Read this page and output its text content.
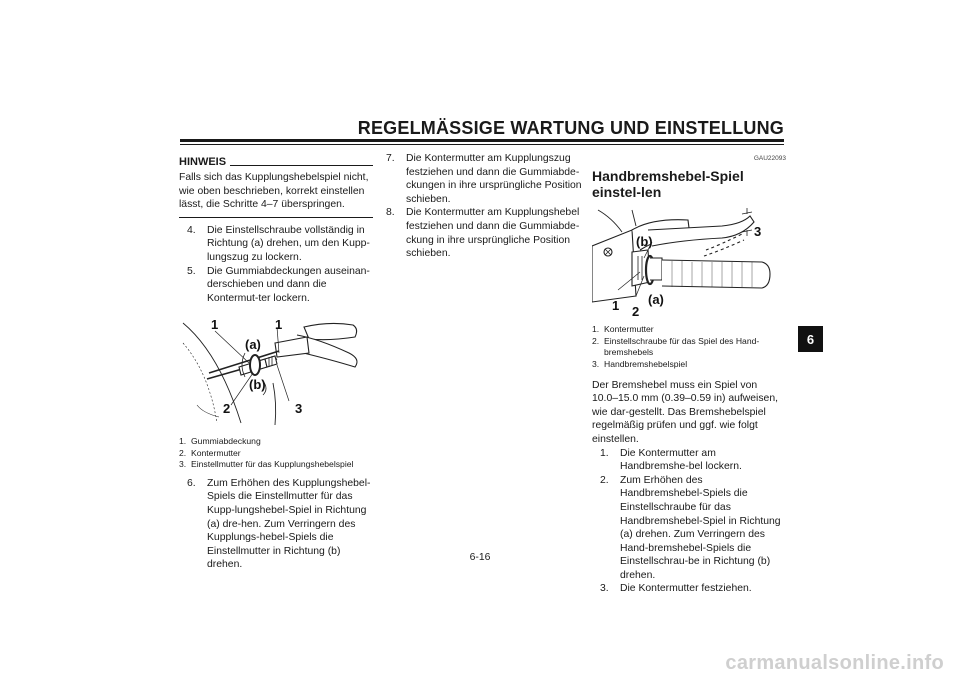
REGELMÄSSIGE WARTUNG UND EINSTELLUNG
HINWEIS
Falls sich das Kupplungshebelspiel nicht, wie oben beschrieben, korrekt einstellen lässt, die Schritte 4–7 überspringen.
4.	Die Einstellschraube vollständig in Richtung (a) drehen, um den Kupp-lungszug zu lockern.
5.	Die Gummiabdeckungen auseinan-derschieben und dann die Kontermut-ter lockern.
1	1
(a)
(b)
2	3
1. Gummiabdeckung
2. Kontermutter
3. Einstellmutter für das Kupplungshebelspiel
6.	Zum Erhöhen des Kupplungshebel-Spiels die Einstellmutter für das Kupp-lungshebel-Spiel in Richtung (a) dre-hen. Zum Verringern des Kupplungs-hebel-Spiels die Einstellmutter in Richtung (b) drehen.
7.	Die Kontermutter am Kupplungszug festziehen und dann die Gummiabde-ckungen in ihre ursprüngliche Position schieben.
8.	Die Kontermutter am Kupplungshebel festziehen und dann die Gummiabde-ckung in ihre ursprüngliche Position schieben.
GAU22093
Handbremshebel-Spiel einstel-len
(b)
3
(a)
1 2
1. Kontermutter
2. Einstellschraube für das Spiel des Hand-bremshebels
3. Handbremshebelspiel
Der Bremshebel muss ein Spiel von 10.0–15.0 mm (0.39–0.59 in) aufweisen, wie dar-gestellt. Das Bremshebelspiel regelmäßig prüfen und ggf. wie folgt einstellen.
1.	Die Kontermutter am Handbremshe-bel lockern.
2.	Zum Erhöhen des Handbremshebel-Spiels die Einstellschraube für das Handbremshebel-Spiel in Richtung (a) drehen. Zum Verringern des Hand-bremshebel-Spiels die Einstellschrau-be in Richtung (b) drehen.
3.	Die Kontermutter festziehen.
6
6-16
carmanualsonline.info
